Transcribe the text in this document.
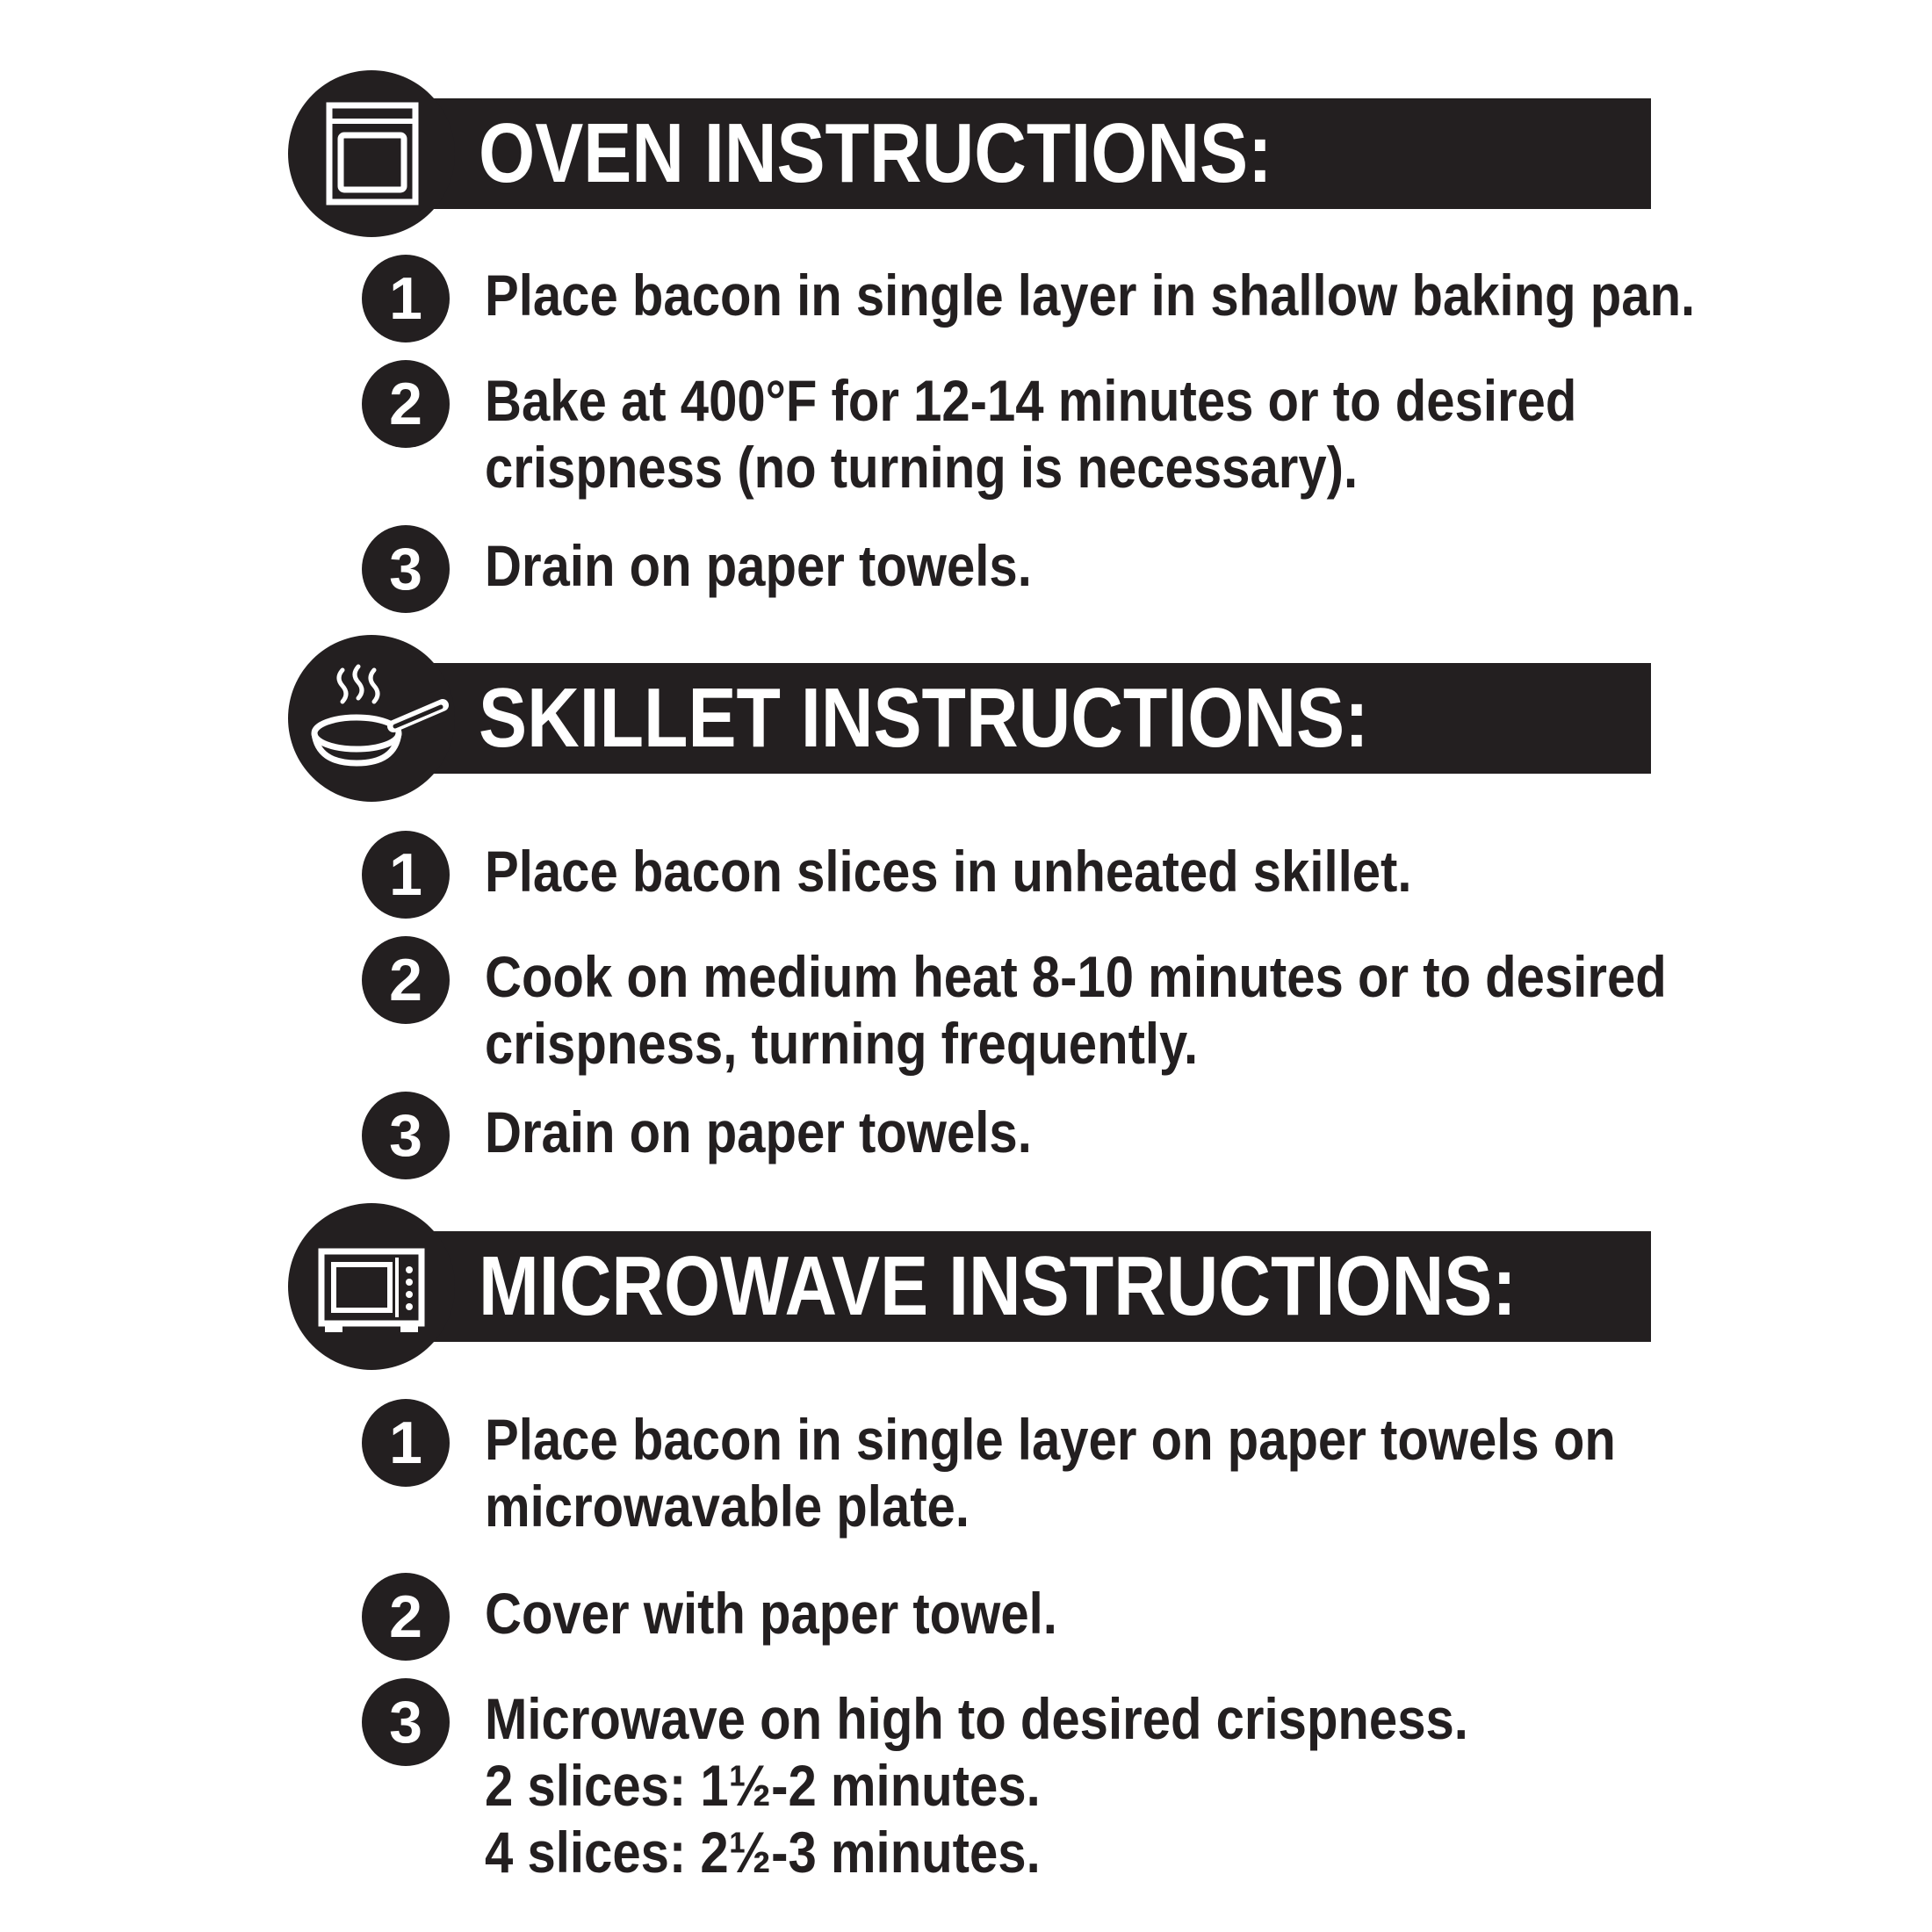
OVEN INSTRUCTIONS:
1	Place bacon in single layer in shallow baking pan.
2	Bake at 400°F for 12-14 minutes or to desired
crispness (no turning is necessary).
3	Drain on paper towels.
SKILLET INSTRUCTIONS:
1	Place bacon slices in unheated skillet.
2	Cook on medium heat 8-10 minutes or to desired
crispness, turning frequently.
3	Drain on paper towels.
MICROWAVE INSTRUCTIONS:
1	Place bacon in single layer on paper towels on
microwavable plate.
2	Cover with paper towel.
3	Microwave on high to desired crispness.
2 slices: 1½-2 minutes.
4 slices: 2½-3 minutes.
